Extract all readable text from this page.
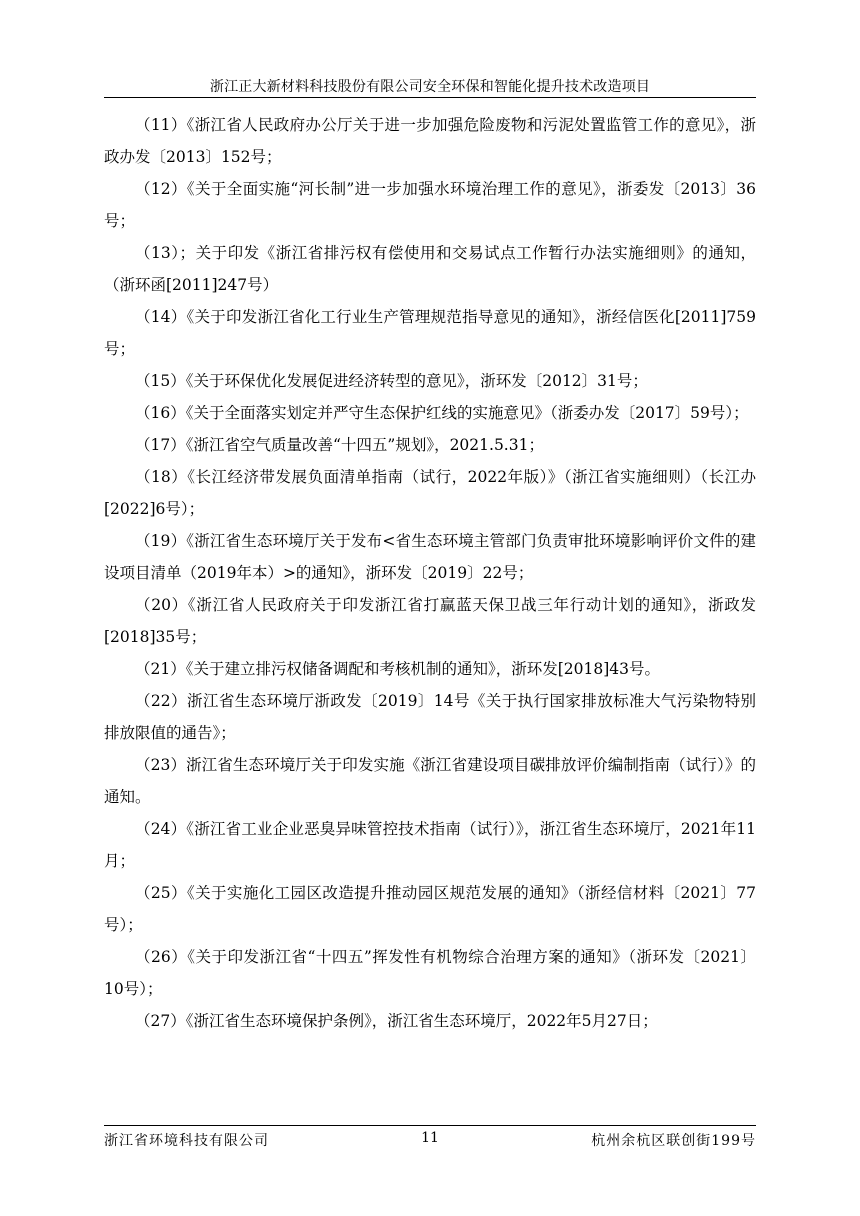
浙江正大新材料科技股份有限公司安全环保和智能化提升技术改造项目

（11）《浙江省人民政府办公厅关于进一步加强危险废物和污泥处置监管工作的意见》，浙政办发〔2013〕152号；

（12）《关于全面实施“河长制”进一步加强水环境治理工作的意见》，浙委发〔2013〕36号；

（13）；关于印发《浙江省排污权有偿使用和交易试点工作暂行办法实施细则》的通知，（浙环函[2011]247号）

（14）《关于印发浙江省化工行业生产管理规范指导意见的通知》，浙经信医化[2011]759号；

（15）《关于环保优化发展促进经济转型的意见》，浙环发〔2012〕31号；

（16）《关于全面落实划定并严守生态保护红线的实施意见》（浙委办发〔2017〕59号）；

（17）《浙江省空气质量改善“十四五”规划》，2021.5.31；

（18）《长江经济带发展负面清单指南（试行，2022年版）》（浙江省实施细则）（长江办[2022]6号）；

（19）《浙江省生态环境厅关于发布<省生态环境主管部门负责审批环境影响评价文件的建设项目清单（2019年本）>的通知》，浙环发〔2019〕22号；

（20）《浙江省人民政府关于印发浙江省打赢蓝天保卫战三年行动计划的通知》，浙政发[2018]35号；

（21）《关于建立排污权储备调配和考核机制的通知》，浙环发[2018]43号。

（22）浙江省生态环境厅浙政发〔2019〕14号《关于执行国家排放标准大气污染物特别排放限值的通告》；

（23）浙江省生态环境厅关于印发实施《浙江省建设项目碳排放评价编制指南（试行）》的通知。

（24）《浙江省工业企业恶臭异味管控技术指南（试行）》，浙江省生态环境厅，2021年11月；

（25）《关于实施化工园区改造提升推动园区规范发展的通知》（浙经信材料〔2021〕77号）；

（26）《关于印发浙江省“十四五”挥发性有机物综合治理方案的通知》（浙环发〔2021〕10号）；

（27）《浙江省生态环境保护条例》，浙江省生态环境厅，2022年5月27日；

浙江省环境科技有限公司	11	杭州余杭区联创街199号
